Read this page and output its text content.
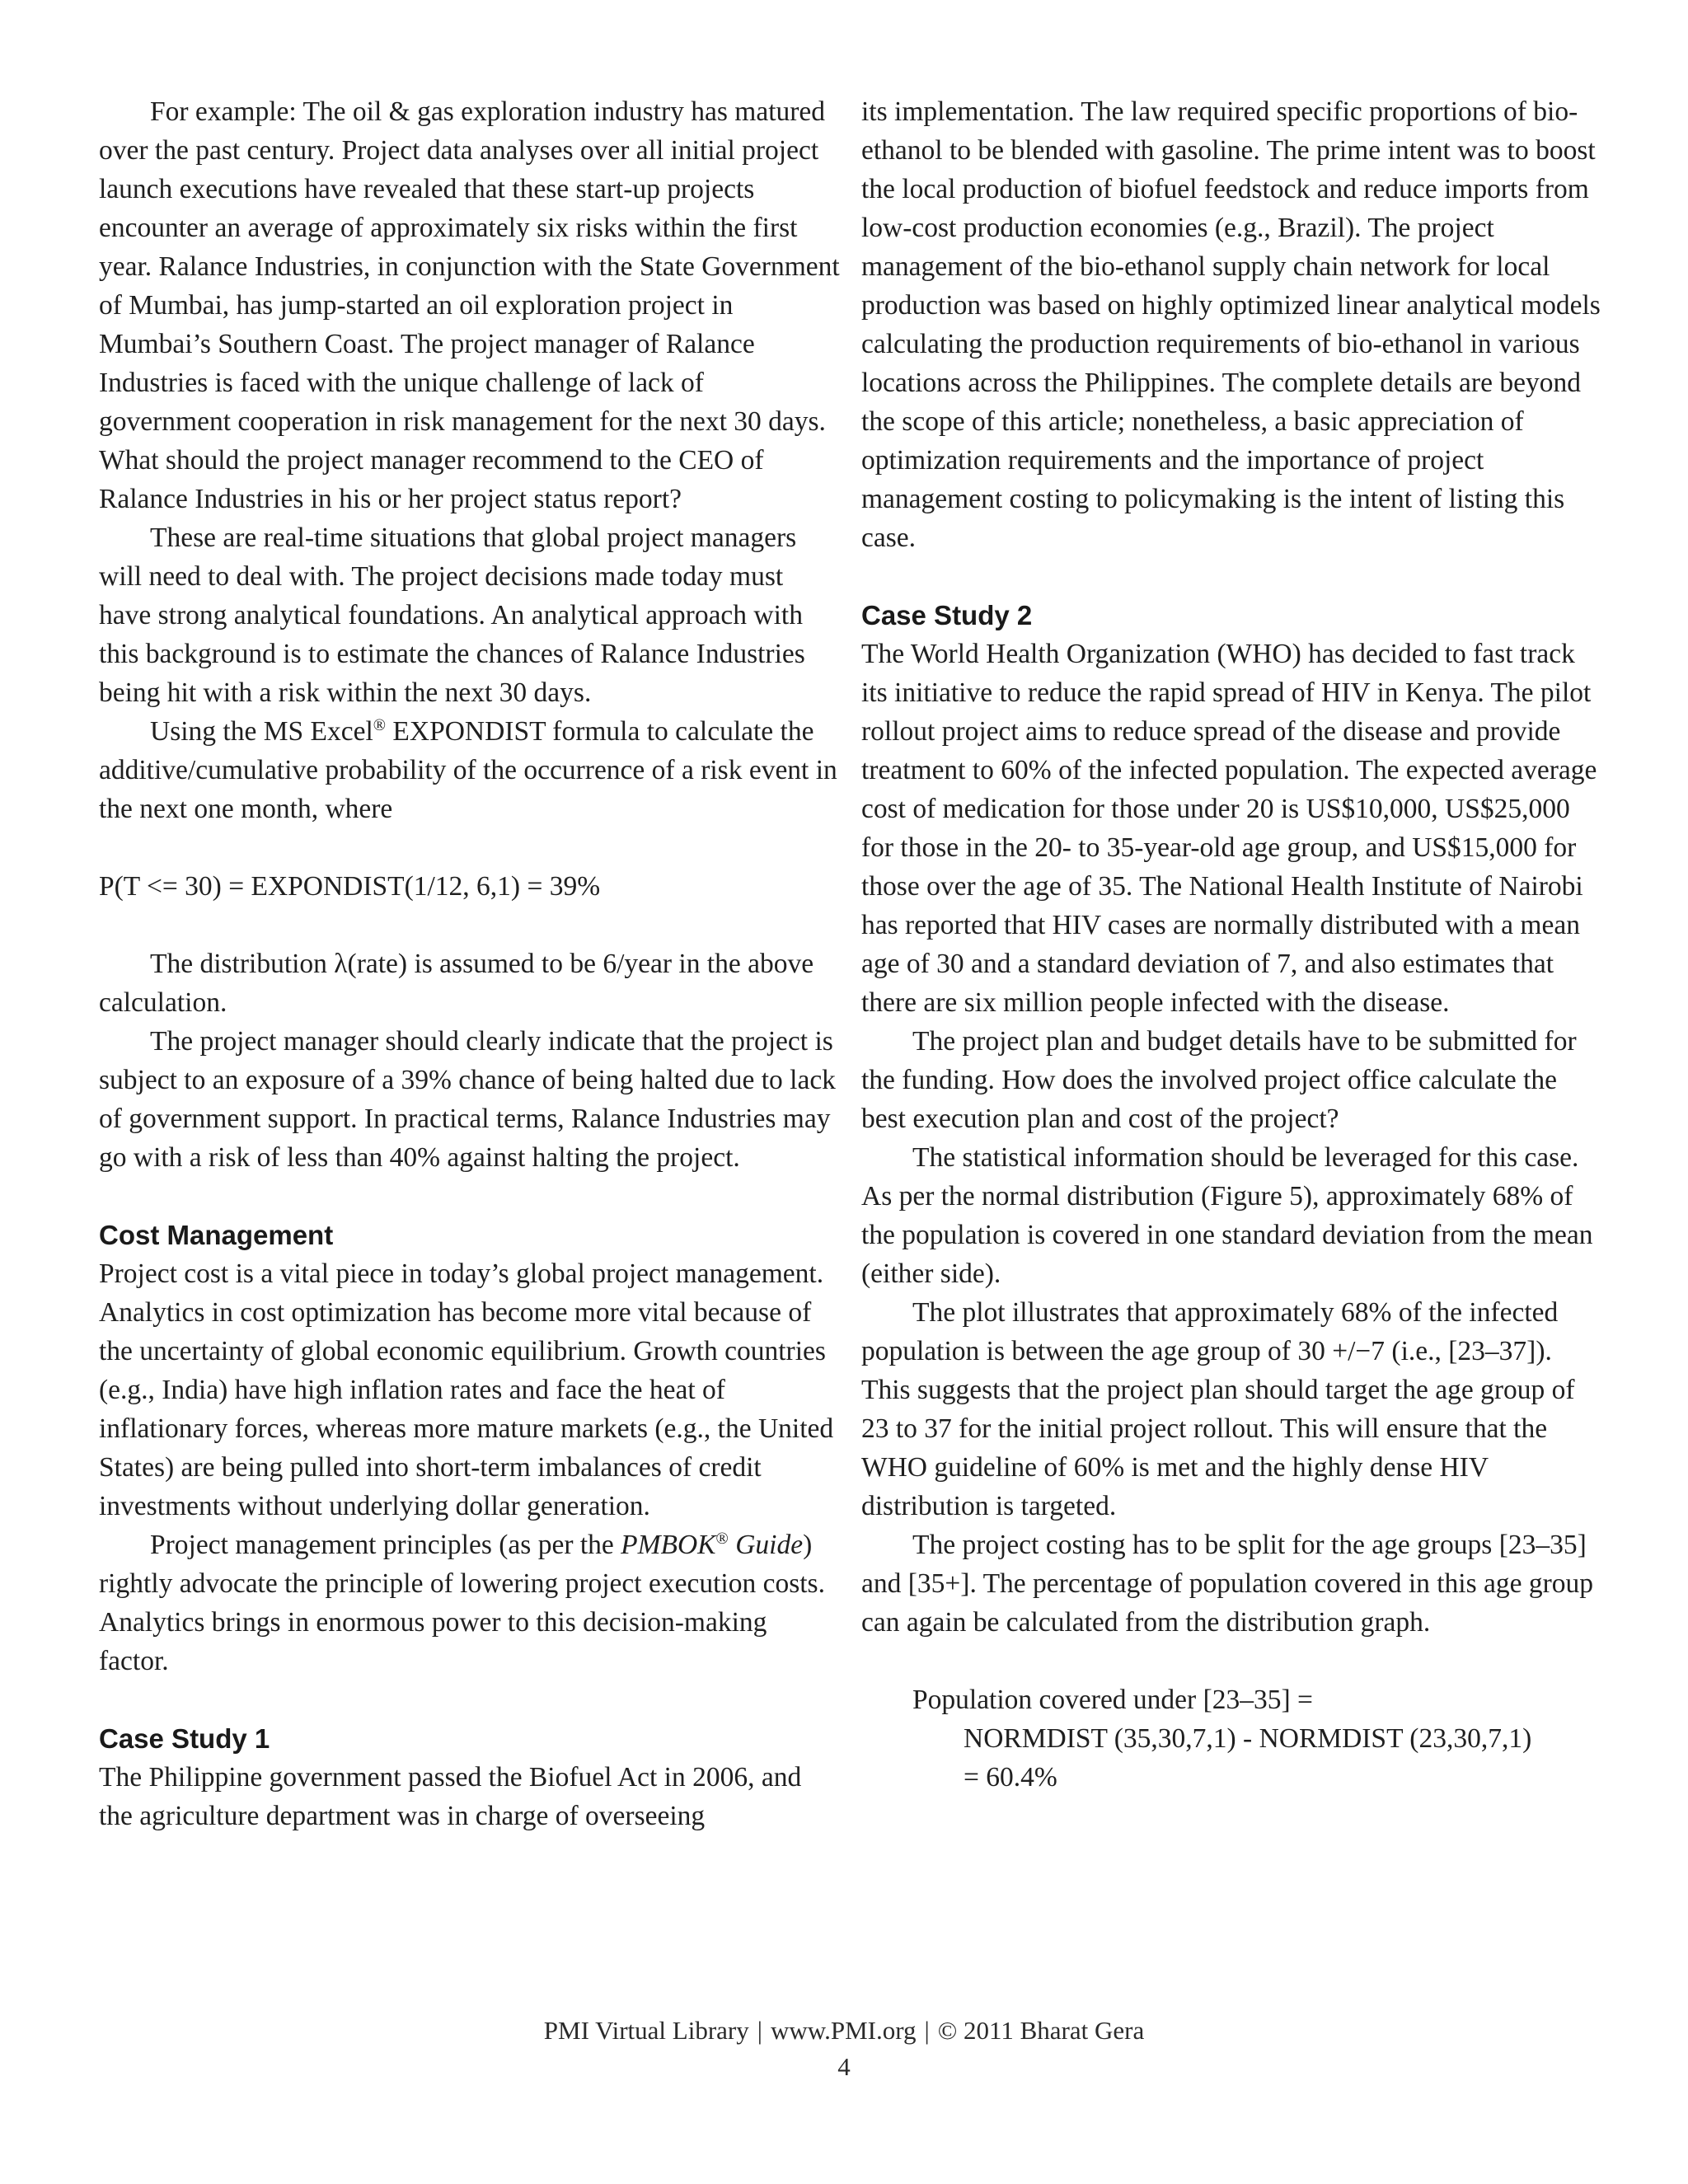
For example: The oil & gas exploration industry has matured over the past century. Project data analyses over all initial project launch executions have revealed that these start-up projects encounter an average of approximately six risks within the first year. Ralance Industries, in conjunction with the State Government of Mumbai, has jump-started an oil exploration project in Mumbai’s Southern Coast. The project manager of Ralance Industries is faced with the unique challenge of lack of government cooperation in risk management for the next 30 days. What should the project manager recommend to the CEO of Ralance Industries in his or her project status report?

These are real-time situations that global project managers will need to deal with. The project decisions made today must have strong analytical foundations. An analytical approach with this background is to estimate the chances of Ralance Industries being hit with a risk within the next 30 days.

Using the MS Excel® EXPONDIST formula to calculate the additive/cumulative probability of the occurrence of a risk event in the next one month, where

P(T <= 30) = EXPONDIST(1/12, 6,1) = 39%

The distribution λ(rate) is assumed to be 6/year in the above calculation.

The project manager should clearly indicate that the project is subject to an exposure of a 39% chance of being halted due to lack of government support. In practical terms, Ralance Industries may go with a risk of less than 40% against halting the project.

Cost Management

Project cost is a vital piece in today’s global project management. Analytics in cost optimization has become more vital because of the uncertainty of global economic equilibrium. Growth countries (e.g., India) have high inflation rates and face the heat of inflationary forces, whereas more mature markets (e.g., the United States) are being pulled into short-term imbalances of credit investments without underlying dollar generation.

Project management principles (as per the PMBOK® Guide) rightly advocate the principle of lowering project execution costs. Analytics brings in enormous power to this decision-making factor.

Case Study 1

The Philippine government passed the Biofuel Act in 2006, and the agriculture department was in charge of overseeing

its implementation. The law required specific proportions of bio-ethanol to be blended with gasoline. The prime intent was to boost the local production of biofuel feedstock and reduce imports from low-cost production economies (e.g., Brazil). The project management of the bio-ethanol supply chain network for local production was based on highly optimized linear analytical models calculating the production requirements of bio-ethanol in various locations across the Philippines. The complete details are beyond the scope of this article; nonetheless, a basic appreciation of optimization requirements and the importance of project management costing to policymaking is the intent of listing this case.

Case Study 2

The World Health Organization (WHO) has decided to fast track its initiative to reduce the rapid spread of HIV in Kenya. The pilot rollout project aims to reduce spread of the disease and provide treatment to 60% of the infected population. The expected average cost of medication for those under 20 is US$10,000, US$25,000 for those in the 20- to 35-year-old age group, and US$15,000 for those over the age of 35. The National Health Institute of Nairobi has reported that HIV cases are normally distributed with a mean age of 30 and a standard deviation of 7, and also estimates that there are six million people infected with the disease.

The project plan and budget details have to be submitted for the funding. How does the involved project office calculate the best execution plan and cost of the project?

The statistical information should be leveraged for this case. As per the normal distribution (Figure 5), approximately 68% of the population is covered in one standard deviation from the mean (either side).

The plot illustrates that approximately 68% of the infected population is between the age group of 30 +/−7 (i.e., [23–37]). This suggests that the project plan should target the age group of 23 to 37 for the initial project rollout. This will ensure that the WHO guideline of 60% is met and the highly dense HIV distribution is targeted.

The project costing has to be split for the age groups [23–35] and [35+]. The percentage of population covered in this age group can again be calculated from the distribution graph.

Population covered under [23–35] =

NORMDIST (35,30,7,1) - NORMDIST (23,30,7,1)

= 60.4%

PMI Virtual Library | www.PMI.org | © 2011 Bharat Gera
4
